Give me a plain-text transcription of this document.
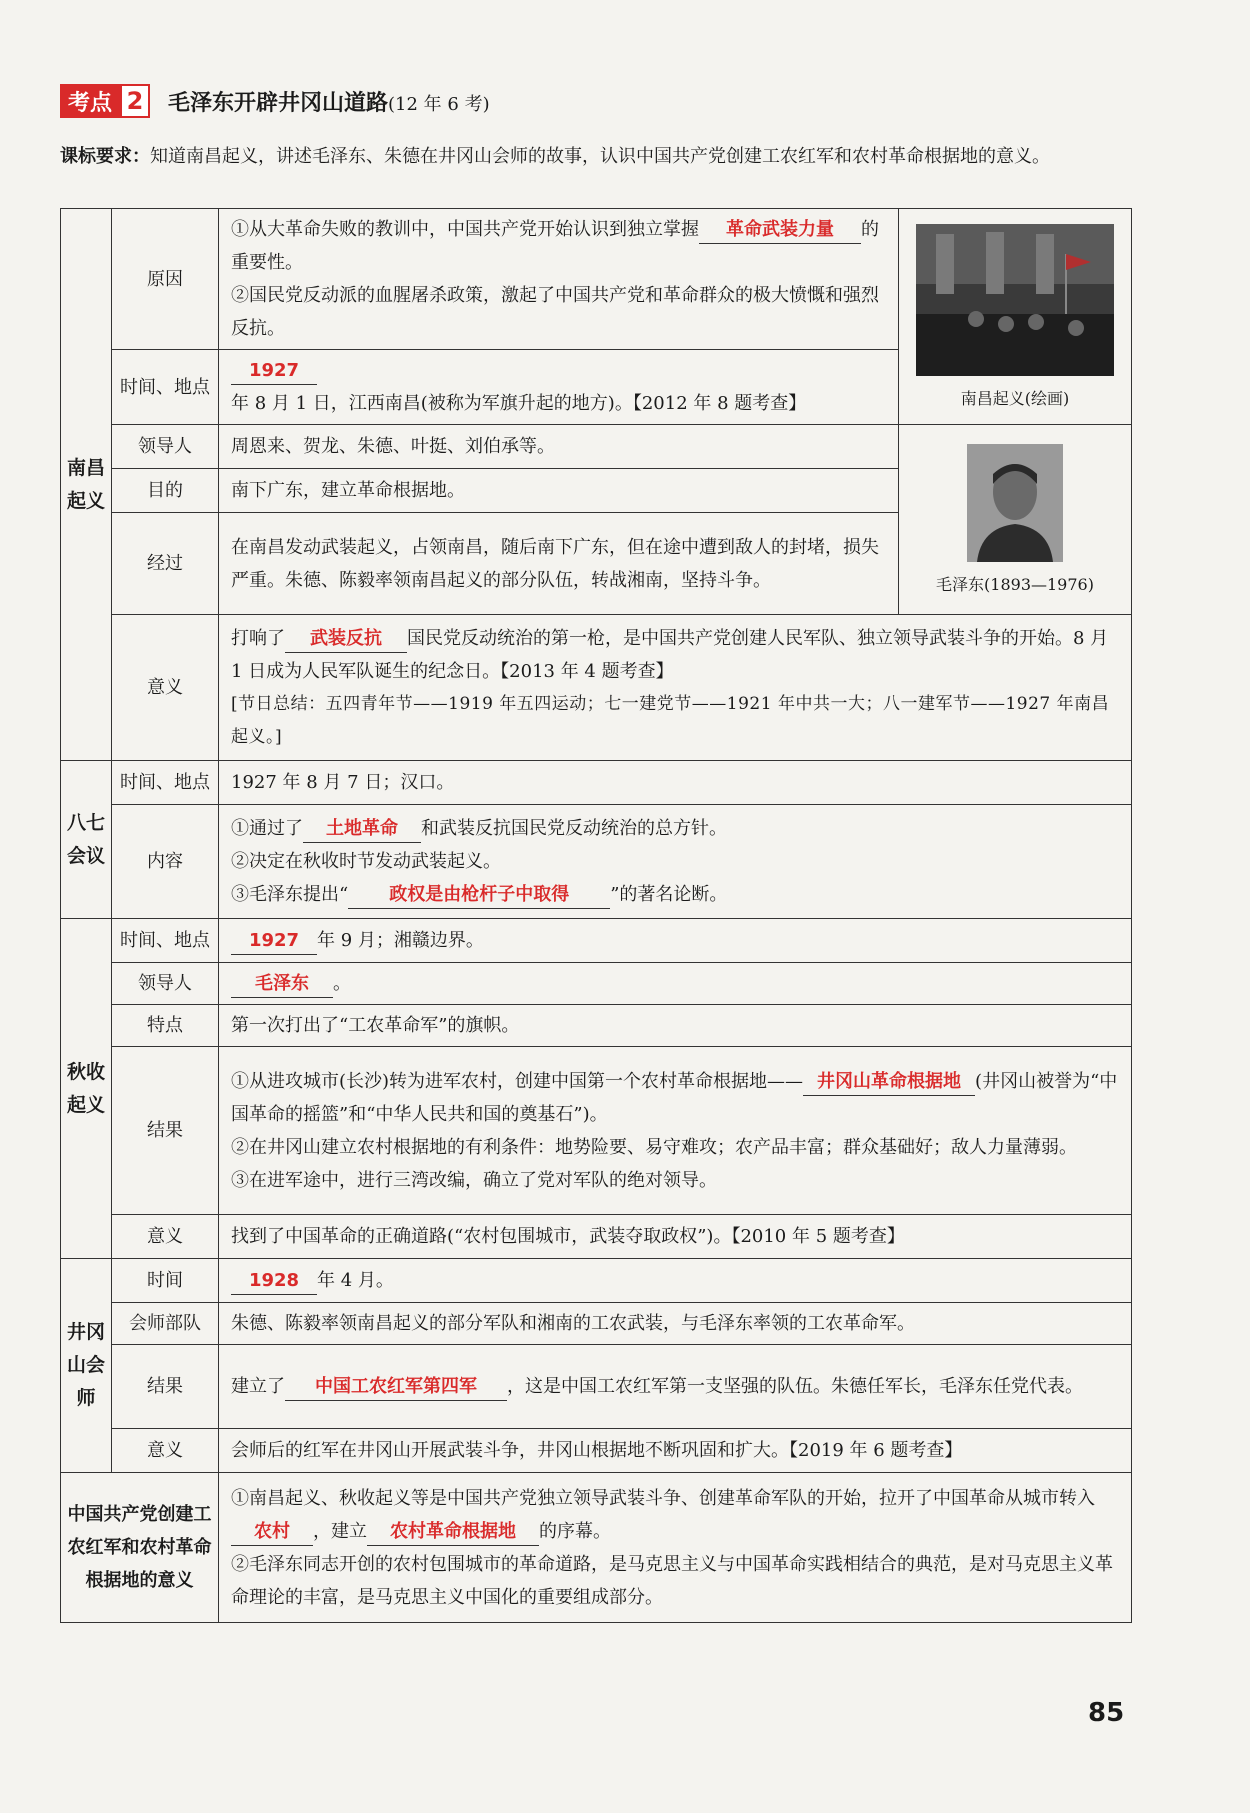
考点 2	毛泽东开辟井冈山道路(12 年 6 考)
课标要求：知道南昌起义，讲述毛泽东、朱德在井冈山会师的故事，认识中国共产党创建工农红军和农村革命根据地的意义。
南昌起义	原因	①从大革命失败的教训中，中国共产党开始认识到独立掌握 革命武装力量 的重要性。
②国民党反动派的血腥屠杀政策，激起了中国共产党和革命群众的极大愤慨和强烈反抗。	南昌起义(绘画)

	时间、地点	1927年 8 月 1 日，江西南昌(被称为军旗升起的地方)。【2012 年 8 题考查】	
	领导人	周恩来、贺龙、朱德、叶挺、刘伯承等。	毛泽东(1893—1976)

	目的	南下广东，建立革命根据地。	
	经过	在南昌发动武装起义，占领南昌，随后南下广东，但在途中遭到敌人的封堵，损失严重。朱德、陈毅率领南昌起义的部分队伍，转战湘南，坚持斗争。	
	意义	打响了 武装反抗 国民党反动统治的第一枪，是中国共产党创建人民军队、独立领导武装斗争的开始。8 月 1 日成为人民军队诞生的纪念日。【2013 年 4 题考查】
[节日总结：五四青年节——1919 年五四运动；七一建党节——1921 年中共一大；八一建军节——1927 年南昌起义。]	

八七会议	时间、地点	1927 年 8 月 7 日；汉口。	
	内容	①通过了 土地革命 和武装反抗国民党反动统治的总方针。
②决定在秋收时节发动武装起义。
③毛泽东提出“ 政权是由枪杆子中取得 ”的著名论断。	

秋收起义	时间、地点	1927 年 9 月；湘赣边界。	
	领导人	毛泽东 。	
	特点	第一次打出了“工农革命军”的旗帜。	
	结果	①从进攻城市(长沙)转为进军农村，创建中国第一个农村革命根据地—— 井冈山革命根据地 (井冈山被誉为“中国革命的摇篮”和“中华人民共和国的奠基石”)。
②在井冈山建立农村根据地的有利条件：地势险要、易守难攻；农产品丰富；群众基础好；敌人力量薄弱。
③在进军途中，进行三湾改编，确立了党对军队的绝对领导。	

	意义	找到了中国革命的正确道路(“农村包围城市，武装夺取政权”)。【2010 年 5 题考查】	
井冈山会师	时间	1928 年 4 月。	
	会师部队	朱德、陈毅率领南昌起义的部分军队和湘南的工农武装，与毛泽东率领的工农革命军。	
	结果	建立了 中国工农红军第四军 ，这是中国工农红军第一支坚强的队伍。朱德任军长，毛泽东任党代表。	
	意义	会师后的红军在井冈山开展武装斗争，井冈山根据地不断巩固和扩大。【2019 年 6 题考查】	
中国共产党创建工农红军和农村革命根据地的意义		①南昌起义、秋收起义等是中国共产党独立领导武装斗争、创建革命军队的开始，拉开了中国革命从城市转入农村 ，建立 农村革命根据地 的序幕。
②毛泽东同志开创的农村包围城市的革命道路，是马克思主义与中国革命实践相结合的典范，是对马克思主义革命理论的丰富，是马克思主义中国化的重要组成部分。	
85
